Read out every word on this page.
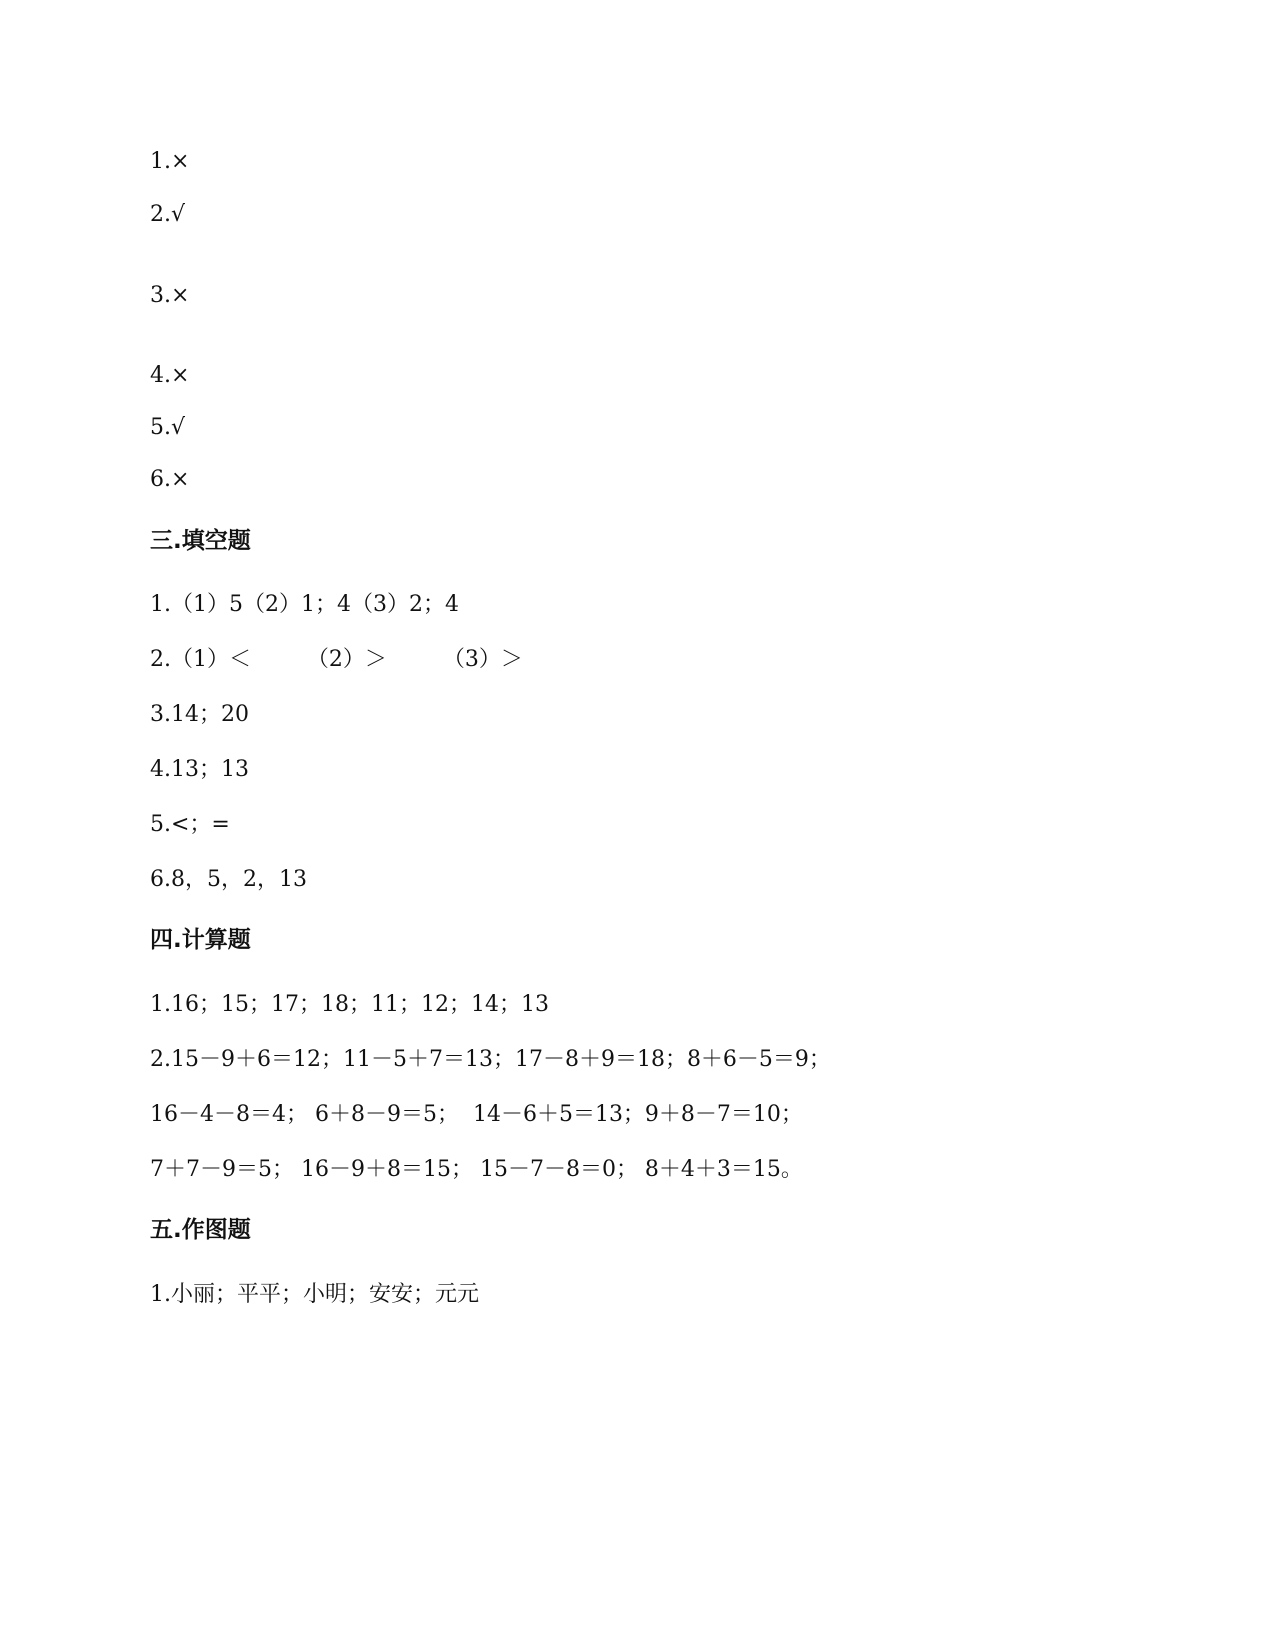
1.×

2.√

3.×

4.×

5.√

6.×

三.填空题

1.（1）5（2）1；4（3）2；4

2.（1）＜        （2）＞        （3）＞

3.14；20

4.13；13

5.<；=

6.8，5，2，13

四.计算题

1.16；15；17；18；11；12；14；13

2.15－9＋6＝12；11－5＋7＝13；17－8＋9＝18；8＋6－5＝9；

16－4－8＝4； 6＋8－9＝5；  14－6＋5＝13；9＋8－7＝10；

7＋7－9＝5； 16－9＋8＝15； 15－7－8＝0； 8＋4＋3＝15。

五.作图题

1.小丽；平平；小明；安安；元元
